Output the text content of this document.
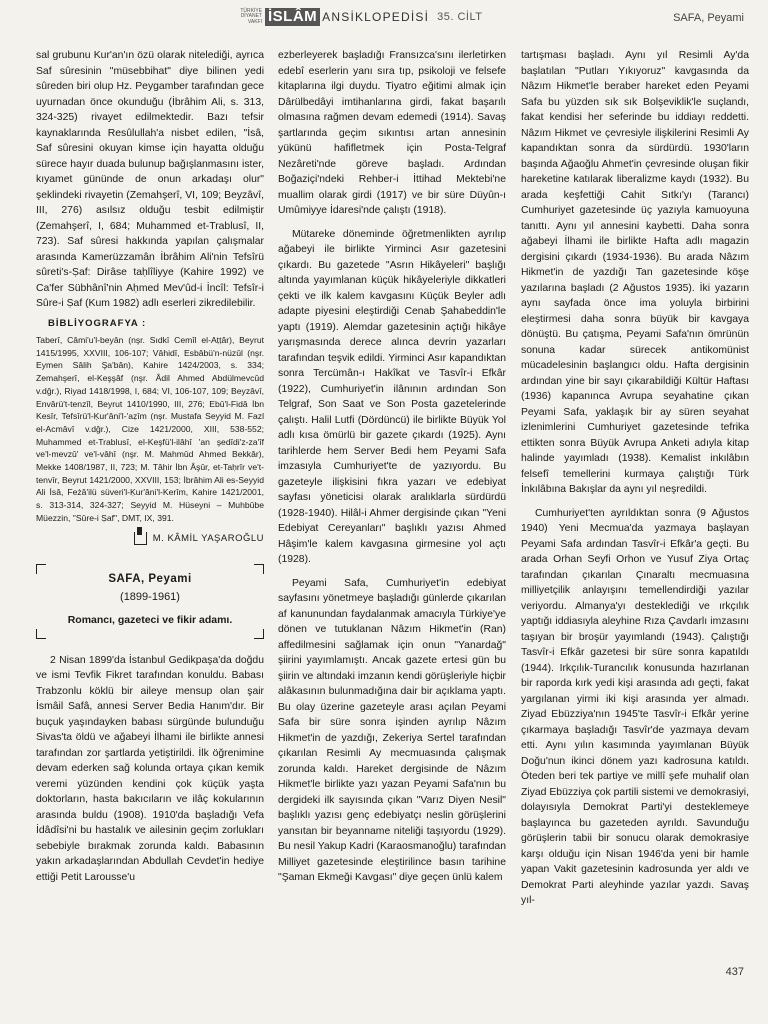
TÜRKİYE DİYANET VAKFI İSLÂM ANSİKLOPEDİSİ 35. CİLT	SAFA, Peyami

sal grubunu Kur'an'ın özü olarak nitelediği, ayrıca Saf sûresinin "müsebbihat" diye bilinen yedi sûreden biri olup Hz. Peygamber tarafından gece uyurnadan önce okunduğu (İbrâhim Ali, s. 313, 324-325) rivayet edilmektedir. Bazı tefsir kaynaklarında Resûlullah'a nisbet edilen, "İsâ, Saf sûresini okuyan kimse için hayatta olduğu sürece hayır duada bulunup bağışlanmasını ister, kıyamet gününde de onun arkadaşı olur" şeklindeki rivayetin (Zemahşerî, VI, 109; Beyzâvî, III, 276) asılsız olduğu tesbit edilmiştir (Zemahşerî, I, 684; Muhammed et-Trablusî, II, 723). Saf sûresi hakkında yapılan çalışmalar arasında Kamerüzzamân İbrâhim Ali'nin Tefsîrü sûreti's-Ṣaf: Dirâse taḥlîliyye (Kahire 1992) ve Ca'fer Sübhânî'nin Aḥmed Mev'ûd-i İncîl: Tefsîr-i Sûre-i Ṣaf (Kum 1982) adlı eserleri zikredilebilir.

BİBLİYOGRAFYA :
Taberî, Câmi'u'l-beyân (nşr. Sıdkī Cemîl el-Aṭṭâr), Beyrut 1415/1995, XXVIII, 106-107; Vâhidî, Esbâbü'n-nüzûl (nşr. Eymen Sâlih Şa'bân), Kahire 1424/2003, s. 334; Zemahşerî, el-Keşşâf (nşr. Âdil Ahmed Abdülmevcûd v.dğr.), Riyad 1418/1998, I, 684; VI, 106-107, 109; Beyzâvî, Envârü't-tenzîl, Beyrut 1410/1990, III, 276; Ebû'l-Fidâ İbn Kesîr, Tefsîrü'l-Ḳur'âni'l-'aẓîm (nşr. Mustafa Seyyid M. Fazl el-Acmâvî v.dğr.), Cize 1421/2000, XIII, 538-552; Muhammed et-Trablusî, el-Keşfü'l-ilâhî 'an şedîdi'z-za'îf ve'l-mevzû' ve'l-vâhî (nşr. M. Mahmûd Ahmed Bekkâr), Mekke 1408/1987, II, 723; M. Tâhir İbn Âşûr, et-Taḥrîr ve't-tenvîr, Beyrut 1421/2000, XXVIII, 153; İbrâhim Ali es-Seyyid Ali İsâ, Feżâ'ilü süveri'l-Ḳur'âni'l-Kerîm, Kahire 1421/2001, s. 313-314, 324-327; Seyyid M. Hüseyni – Muhbûbe Müezzin, "Sûre-i Ṣaf", DMT, IX, 391.
M. KÂMİL YAŞAROĞLU
SAFA, Peyami
(1899-1961)
Romancı, gazeteci ve fikir adamı.

2 Nisan 1899'da İstanbul Gedikpaşa'da doğdu ve ismi Tevfik Fikret tarafından konuldu. Babası Trabzonlu köklü bir aileye mensup olan şair İsmâil Safâ, annesi Server Bedia Hanım'dır. Bir buçuk yaşındayken babası sürgünde bulunduğu Sivas'ta öldü ve ağabeyi İlhami ile birlikte annesi tarafından zor şartlarda yetiştirildi. İlk öğrenimine devam ederken sağ kolunda ortaya çıkan kemik veremi yüzünden kendini çok küçük yaşta doktorların, hasta bakıcıların ve ilâç kokularının arasında buldu (1908). 1910'da başladığı Vefa İdâdîsi'ni bu hastalık ve ailesinin geçim zorlukları sebebiyle bırakmak zorunda kaldı. Babasının yakın arkadaşlarından Abdullah Cevdet'in hediye ettiği Petit Larousse'u

ezberleyerek başladığı Fransızca'sını ilerletirken edebî eserlerin yanı sıra tıp, psikoloji ve felsefe kitaplarına ilgi duydu. Tiyatro eğitimi almak için Dârülbedâyi imtihanlarına girdi, fakat başarılı olmasına rağmen devam edemedi (1914). Savaş şartlarında geçim sıkıntısı artan annesinin yükünü hafifletmek için Posta-Telgraf Nezâreti'nde göreve başladı. Ardından Boğaziçi'ndeki Rehber-i İttihad Mektebi'ne muallim olarak girdi (1917) ve bir süre Düyûn-ı Umûmiyye İdaresi'nde çalıştı (1918).

Mütareke döneminde öğretmenlikten ayrılıp ağabeyi ile birlikte Yirminci Asır gazetesini çıkardı. Bu gazetede "Asrın Hikâyeleri" başlığı altında yayımlanan küçük hikâyeleriyle dikkatleri çekti ve ilk kalem kavgasını Küçük Beyler adlı adapte piyesini eleştirdiği Cenab Şahabeddin'le yaptı (1919). Alemdar gazetesinin açtığı hikâye yarışmasında derece alınca devrin yazarları tarafından teşvik edildi. Yirminci Asır kapandıktan sonra Tercümân-ı Hakîkat ve Tasvîr-i Efkâr (1922), Cumhuriyet'in ilânının ardından Son Telgraf, Son Saat ve Son Posta gazetelerinde çalıştı. Halil Lutfi (Dördüncü) ile birlikte Büyük Yol adlı kısa ömürlü bir gazete çıkardı (1925). Aynı tarihlerde hem Server Bedi hem Peyami Safa imzasıyla Cumhuriyet'te de yazıyordu. Bu gazeteyle ilişkisini fıkra yazarı ve edebiyat sayfası yöneticisi olarak aralıklarla sürdürdü (1928-1940). Hilâl-i Ahmer dergisinde çıkan "Yeni Edebiyat Cereyanları" başlıklı yazısı Ahmed Hâşim'le kalem kavgasına girmesine yol açtı (1928).

Peyami Safa, Cumhuriyet'in edebiyat sayfasını yönetmeye başladığı günlerde çıkarılan af kanunundan faydalanmak amacıyla Türkiye'ye dönen ve tutuklanan Nâzım Hikmet'in (Ran) affedilmesini sağlamak için onun "Yanardağ" şiirini yayımlamıştı. Ancak gazete ertesi gün bu şiirin ve altındaki imzanın kendi görüşleriyle hiçbir alâkasının bulunmadığına dair bir açıklama yaptı. Bu olay üzerine gazeteyle arası açılan Peyami Safa bir süre sonra işinden ayrılıp Nâzım Hikmet'in de yazdığı, Zekeriya Sertel tarafından çıkarılan Resimli Ay mecmuasında çalışmak zorunda kaldı. Hareket dergisinde de Nâzım Hikmet'le birlikte yazı yazan Peyami Safa'nın bu dergideki ilk sayısında çıkan "Varız Diyen Nesil" başlıklı yazısı genç edebiyatçı neslin görüşlerini yansıtan bir beyanname niteliği taşıyordu (1929). Bu nesil Yakup Kadri (Karaosmanoğlu) tarafından Milliyet gazetesinde eleştirilince basın tarihine "Şaman Ekmeği Kavgası" diye geçen ünlü kalem

tartışması başladı. Aynı yıl Resimli Ay'da başlatılan "Putları Yıkıyoruz" kavgasında da Nâzım Hikmet'le beraber hareket eden Peyami Safa bu yüzden sık sık Bolşeviklik'le suçlandı, fakat kendisi her seferinde bu iddiayı reddetti. Nâzım Hikmet ve çevresiyle ilişkilerini Resimli Ay kapandıktan sonra da sürdürdü. 1930'ların başında Ağaoğlu Ahmet'in çevresinde oluşan fikir hareketine katılarak liberalizme kaydı (1932). Bu arada keşfettiği Cahit Sıtkı'yı (Tarancı) Cumhuriyet gazetesinde üç yazıyla kamuoyuna tanıttı. Aynı yıl annesini kaybetti. Daha sonra ağabeyi İlhami ile birlikte Hafta adlı magazin dergisini çıkardı (1934-1936). Bu arada Nâzım Hikmet'in de yazdığı Tan gazetesinde köşe yazılarına başladı (2 Ağustos 1935). İki yazarın aynı sayfada önce ima yoluyla birbirini eleştirmesi daha sonra büyük bir kavgaya dönüştü. Bu çatışma, Peyami Safa'nın ömrünün sonuna kadar sürecek antikomünist mücadelesinin başlangıcı oldu. Hafta dergisinin ardından yine bir sayı çıkarabildiği Kültür Haftası (1936) kapanınca Avrupa seyahatine çıkan Peyami Safa, yaklaşık bir ay süren seyahat izlenimlerini Cumhuriyet gazetesinde tefrika ettikten sonra Büyük Avrupa Anketi adıyla kitap halinde yayımladı (1938). Kemalist inkılâbın felsefî temellerini kurmaya çalıştığı Türk İnkılâbına Bakışlar da aynı yıl neşredildi.

Cumhuriyet'ten ayrıldıktan sonra (9 Ağustos 1940) Yeni Mecmua'da yazmaya başlayan Peyami Safa ardından Tasvîr-i Efkâr'a geçti. Bu arada Orhan Seyfi Orhon ve Yusuf Ziya Ortaç tarafından çıkarılan Çınaraltı mecmuasına milliyetçilik anlayışını temellendirdiği yazılar veriyordu. Almanya'yı desteklediği ve ırkçılık yaptığı iddiasıyla aleyhine Rıza Çavdarlı imzasını taşıyan bir broşür yayımlandı (1943). Çalıştığı Tasvîr-i Efkâr gazetesi bir süre sonra kapatıldı (1944). Irkçılık-Turancılık konusunda hazırlanan bir raporda kırk yedi kişi arasında adı geçti, fakat yargılanan yirmi iki kişi arasında yer almadı. Ziyad Ebüzziya'nın 1945'te Tasvîr-i Efkâr yerine çıkarmaya başladığı Tasvîr'de yazmaya devam etti. Aynı yılın kasımında yayımlanan Büyük Doğu'nun ikinci dönem yazı kadrosuna katıldı. Öteden beri tek partiye ve millî şefe muhalif olan Ziyad Ebüzziya çok partili sistemi ve demokrasiyi, dolayısıyla Demokrat Parti'yi desteklemeye başlayınca bu gazeteden ayrıldı. Savunduğu görüşlerin tabii bir sonucu olarak demokrasiye karşı olduğu için Nisan 1946'da yeni bir hamle yapan Vakit gazetesinin kadrosunda yer aldı ve Demokrat Parti aleyhinde yazılar yazdı. Savaş yıl-

437
